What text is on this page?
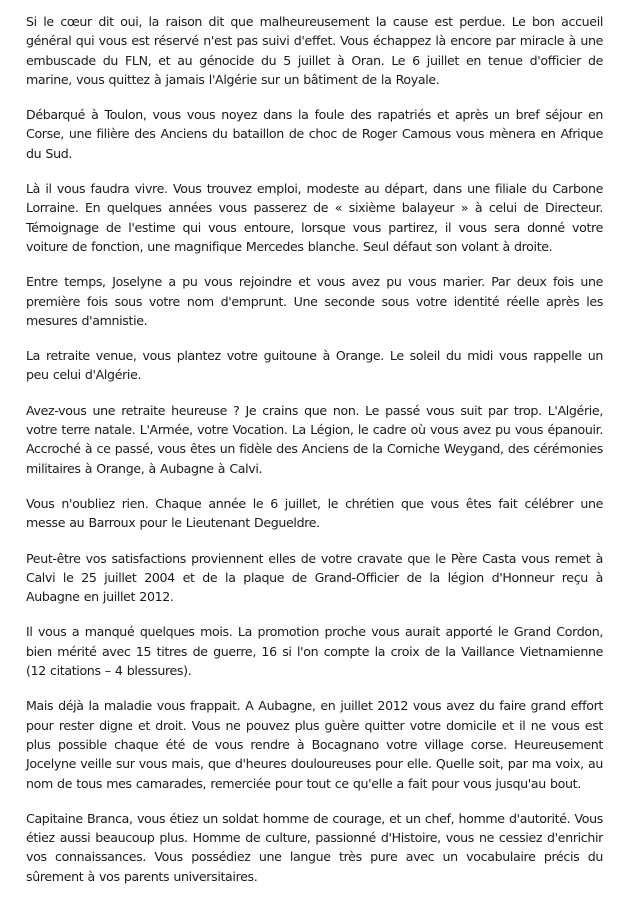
Si le cœur dit oui, la raison dit que malheureusement la cause est perdue. Le bon accueil général qui vous est réservé n'est pas suivi d'effet. Vous échappez là encore par miracle à une embuscade du FLN, et au génocide du 5 juillet à Oran. Le 6 juillet en tenue d'officier de marine, vous quittez à jamais l'Algérie sur un bâtiment de la Royale.

Débarqué à Toulon, vous vous noyez dans la foule des rapatriés et après un bref séjour en Corse, une filière des Anciens du bataillon de choc de Roger Camous vous mènera en Afrique du Sud.

Là il vous faudra vivre. Vous trouvez emploi, modeste au départ, dans une filiale du Carbone Lorraine. En quelques années vous passerez de « sixième balayeur » à celui de Directeur. Témoignage de l'estime qui vous entoure, lorsque vous partirez, il vous sera donné votre voiture de fonction, une magnifique Mercedes blanche. Seul défaut son volant à droite.

Entre temps, Joselyne a pu vous rejoindre et vous avez pu vous marier. Par deux fois une première fois sous votre nom d'emprunt. Une seconde sous votre identité réelle après les mesures d'amnistie.

La retraite venue, vous plantez votre guitoune à Orange. Le soleil du midi vous rappelle un peu celui d'Algérie.

Avez-vous une retraite heureuse ? Je crains que non. Le passé vous suit par trop. L'Algérie, votre terre natale. L'Armée, votre Vocation. La Légion, le cadre où vous avez pu vous épanouir. Accroché à ce passé, vous êtes un fidèle des Anciens de la Corniche Weygand, des cérémonies militaires à Orange, à Aubagne à Calvi.

Vous n'oubliez rien. Chaque année le 6 juillet, le chrétien que vous êtes fait célébrer une messe au Barroux pour le Lieutenant Degueldre.

Peut-être vos satisfactions proviennent elles de votre cravate que le Père Casta vous remet à Calvi le 25 juillet 2004 et de la plaque de Grand-Officier de la légion d'Honneur reçu à Aubagne en juillet 2012.

Il vous a manqué quelques mois. La promotion proche vous aurait apporté le Grand Cordon, bien mérité avec 15 titres de guerre, 16 si l'on compte la croix de la Vaillance Vietnamienne (12 citations – 4 blessures).

Mais déjà la maladie vous frappait. A Aubagne, en juillet 2012 vous avez du faire grand effort pour rester digne et droit. Vous ne pouvez plus guère quitter votre domicile et il ne vous est plus possible chaque été de vous rendre à Bocagnano votre village corse. Heureusement Jocelyne veille sur vous mais, que d'heures douloureuses pour elle. Quelle soit, par ma voix, au nom de tous mes camarades, remerciée pour tout ce qu'elle a fait pour vous jusqu'au bout.

Capitaine Branca, vous étiez un soldat homme de courage, et un chef, homme d'autorité. Vous étiez aussi beaucoup plus. Homme de culture, passionné d'Histoire, vous ne cessiez d'enrichir vos connaissances. Vous possédiez une langue très pure avec un vocabulaire précis du sûrement à vos parents universitaires.
